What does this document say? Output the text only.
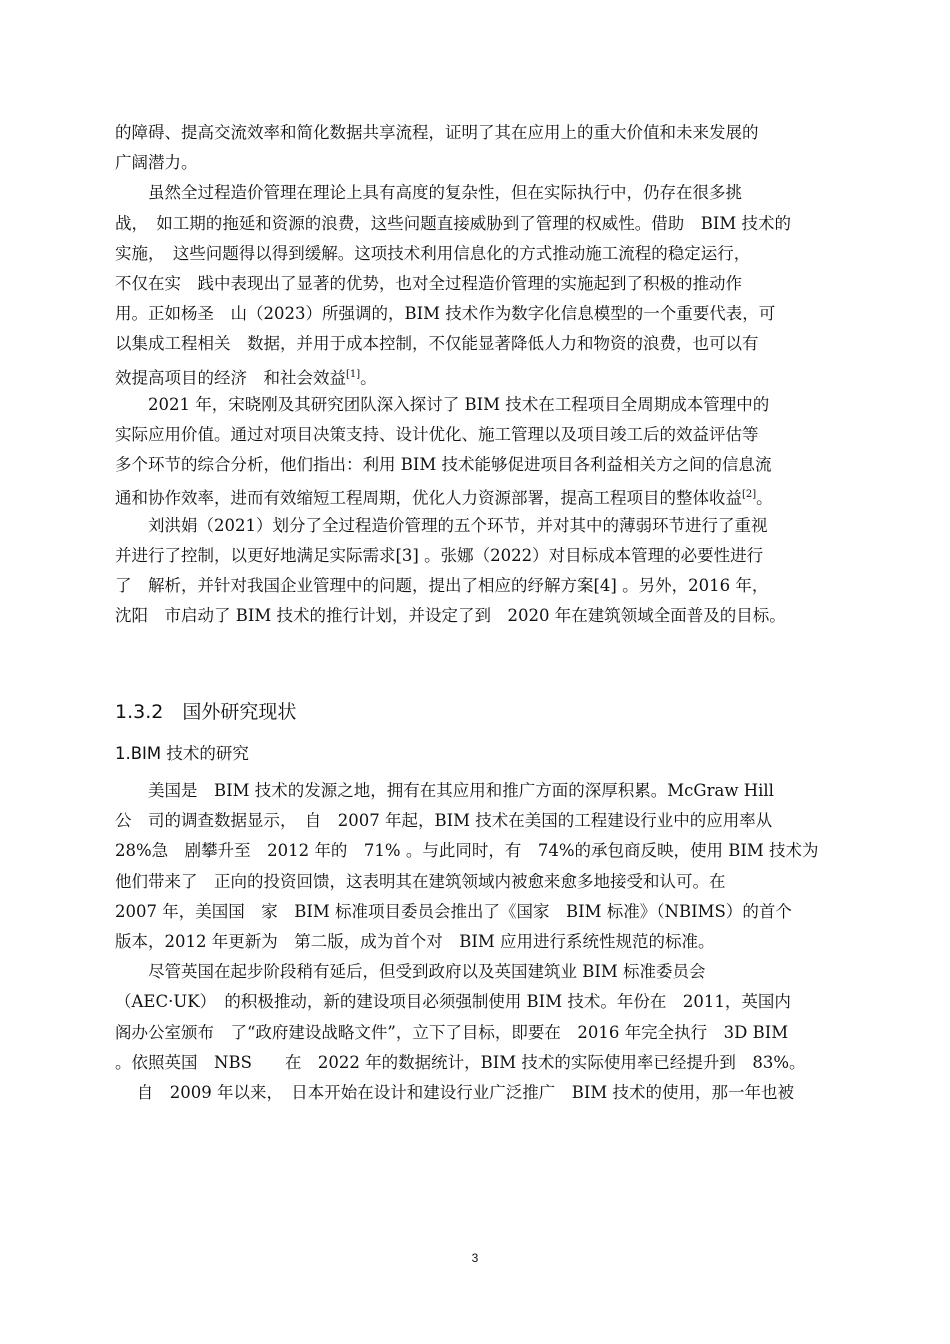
的障碍、提高交流效率和简化数据共享流程，证明了其在应用上的重大价值和未来发展的
广阔潜力。
　　虽然全过程造价管理在理论上具有高度的复杂性，但在实际执行中，仍存在很多挑
战，　如工期的拖延和资源的浪费，这些问题直接威胁到了管理的权威性。借助　BIM 技术的
实施，　这些问题得以得到缓解。这项技术利用信息化的方式推动施工流程的稳定运行，
不仅在实　践中表现出了显著的优势，也对全过程造价管理的实施起到了积极的推动作
用。正如杨圣　山（2023）所强调的，BIM 技术作为数字化信息模型的一个重要代表，可
以集成工程相关　数据，并用于成本控制，不仅能显著降低人力和物资的浪费，也可以有
效提高项目的经济　和社会效益[1]。
　　2021 年，宋晓刚及其研究团队深入探讨了 BIM 技术在工程项目全周期成本管理中的
实际应用价值。通过对项目决策支持、设计优化、施工管理以及项目竣工后的效益评估等
多个环节的综合分析，他们指出：利用 BIM 技术能够促进项目各利益相关方之间的信息流
通和协作效率，进而有效缩短工程周期，优化人力资源部署，提高工程项目的整体收益[2]。
　　刘洪娟（2021）划分了全过程造价管理的五个环节，并对其中的薄弱环节进行了重视
并进行了控制，以更好地满足实际需求[3] 。张娜（2022）对目标成本管理的必要性进行
了　解析，并针对我国企业管理中的问题，提出了相应的纾解方案[4] 。另外，2016 年，
沈阳　市启动了 BIM 技术的推行计划，并设定了到　2020 年在建筑领域全面普及的目标。
1.3.2　国外研究现状
1.BIM 技术的研究
　　美国是　BIM 技术的发源之地，拥有在其应用和推广方面的深厚积累。McGraw Hill
公　司的调查数据显示，　自　2007 年起，BIM 技术在美国的工程建设行业中的应用率从
28%急　剧攀升至　2012 年的　71% 。与此同时，有　74%的承包商反映，使用 BIM 技术为
他们带来了　正向的投资回馈，这表明其在建筑领域内被愈来愈多地接受和认可。在
2007 年，美国国　家　BIM 标准项目委员会推出了《国家　BIM 标准》（NBIMS）的首个
版本，2012 年更新为　第二版，成为首个对　BIM 应用进行系统性规范的标准。
　　尽管英国在起步阶段稍有延后，但受到政府以及英国建筑业 BIM 标准委员会
（AEC·UK）　的积极推动，新的建设项目必须强制使用 BIM 技术。年份在　2011，英国内
阁办公室颁布　了“政府建设战略文件”，立下了目标，即要在　2016 年完全执行　3D BIM
。依照英国　NBS　　在　2022 年的数据统计，BIM 技术的实际使用率已经提升到　83%。
　 自　2009 年以来，　日本开始在设计和建设行业广泛推广　BIM 技术的使用，那一年也被
3
